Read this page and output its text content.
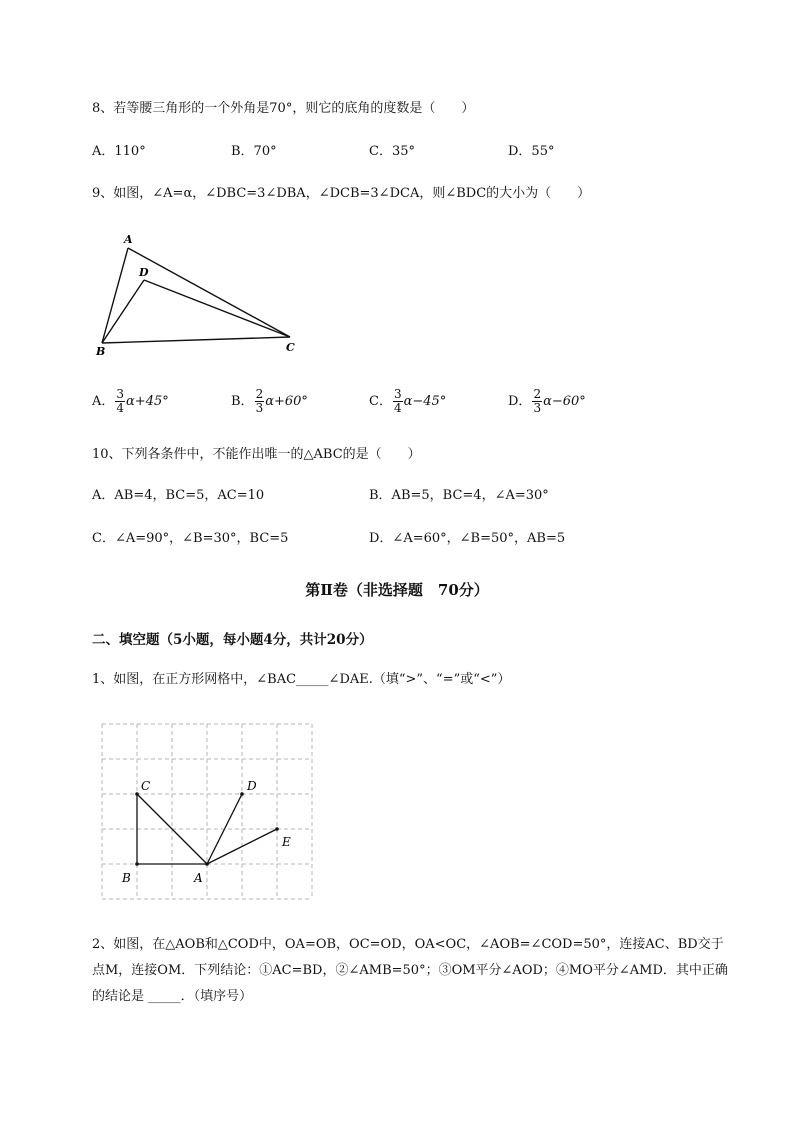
8、若等腰三角形的一个外角是70°，则它的底角的度数是（　　）
A．110°	B．70°	C．35°	D．55°
9、如图，∠A=α，∠DBC=3∠DBA，∠DCB=3∠DCA，则∠BDC的大小为（　　）
A
D
B	C
A． $\frac{3}{4} \alpha+45^\circ$	B． $\frac{2}{3} \alpha+60^\circ$	C． $\frac{3}{4} \alpha-45^\circ$	D． $\frac{2}{3} \alpha-60^\circ$
10、下列各条件中，不能作出唯一的△ABC的是（　　）
A．AB=4，BC=5，AC=10	B．AB=5，BC=4，∠A=30°
C．∠A=90°，∠B=30°，BC=5	D．∠A=60°，∠B=50°，AB=5
第Ⅱ卷（非选择题　70分）
二、填空题（5小题，每小题4分，共计20分）
1、如图，在正方形网格中，∠BAC_____∠DAE.（填“>”、“=”或“<”）
C	D
E
B	A
2、如图，在△AOB和△COD中，OA=OB，OC=OD，OA<OC，∠AOB=∠COD=50°，连接AC、BD交于
点M，连接OM．下列结论：①AC=BD，②∠AMB=50°；③OM平分∠AOD；④MO平分∠AMD．其中正确
的结论是 _____．（填序号）
